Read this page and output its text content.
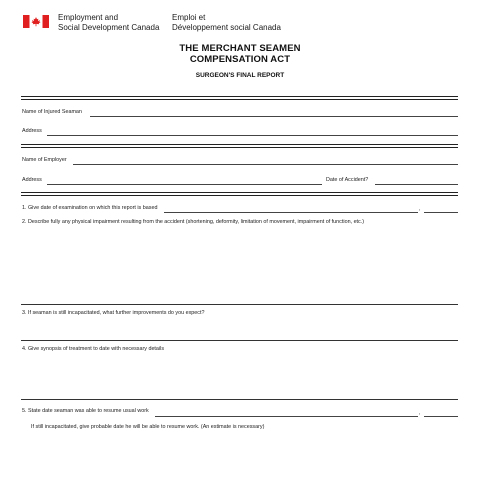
Employment and
Social Development Canada
Emploi et
Développement social Canada
THE MERCHANT SEAMEN
COMPENSATION ACT
SURGEON'S FINAL REPORT
Name of Injured Seaman
Address
Name of Employer
Address	Date of Accident?
1. Give date of examination on which this report is based	,
2. Describe fully any physical impairment resulting from the accident (shortening, deformity, limitation of movement, impairment of function, etc.)
3. If seaman is still incapacitated, what further improvements do you expect?
4. Give synopsis of treatment to date with necessary details
5. State date seaman was able to resume usual work	,
If still incapacitated, give probable date he will be able to resume work. (An estimate is necessary)
